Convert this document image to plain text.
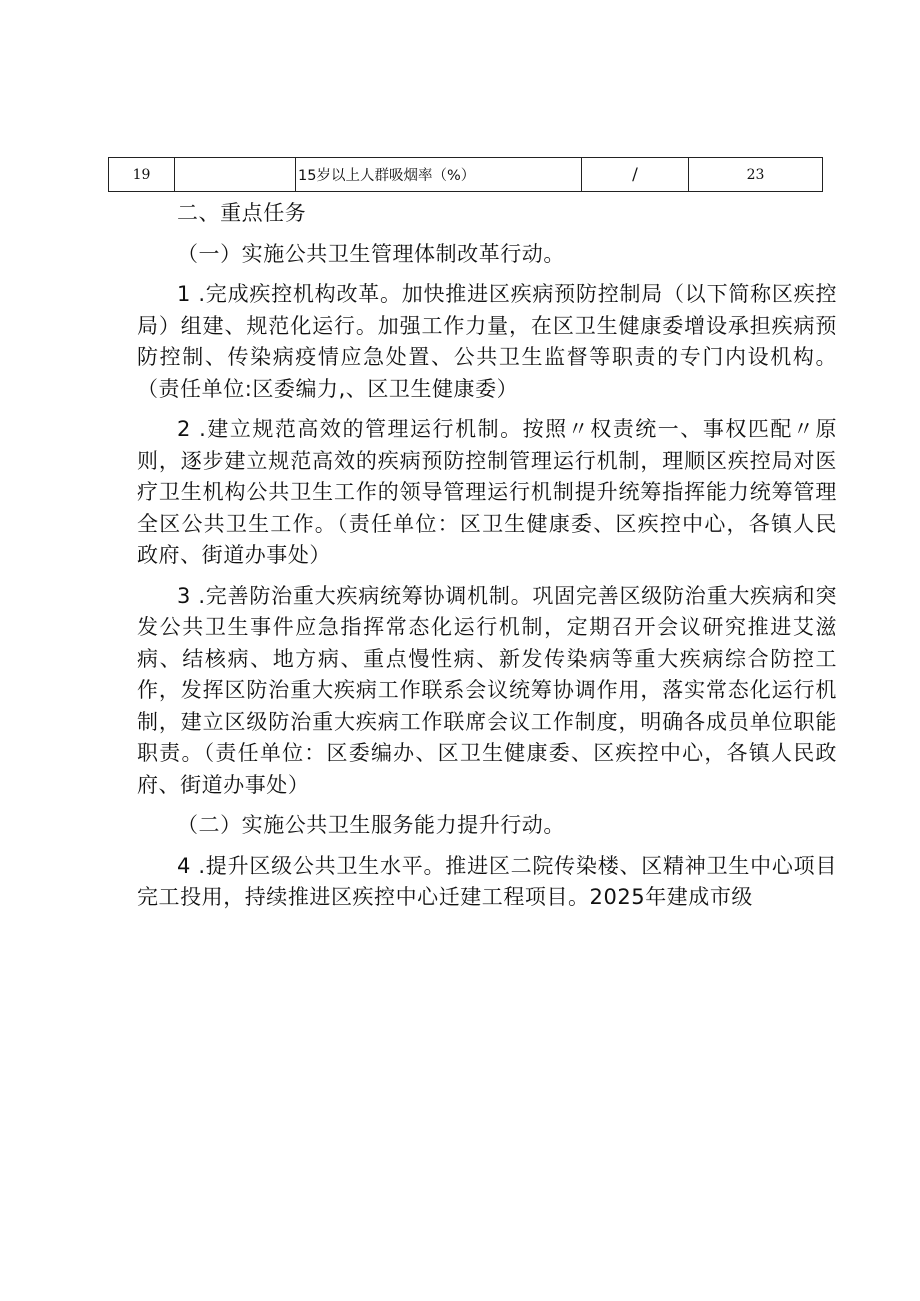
19		15岁以上人群吸烟率（%）	/	23

二、重点任务

（一）实施公共卫生管理体制改革行动。

1 .完成疾控机构改革。加快推进区疾病预防控制局（以下简称区疾控局）组建、规范化运行。加强工作力量，在区卫生健康委增设承担疾病预防控制、传染病疫情应急处置、公共卫生监督等职责的专门内设机构。（责任单位:区委编力,、区卫生健康委）

2 .建立规范高效的管理运行机制。按照〃权责统一、事权匹配〃原则，逐步建立规范高效的疾病预防控制管理运行机制，理顺区疾控局对医疗卫生机构公共卫生工作的领导管理运行机制提升统筹指挥能力统筹管理全区公共卫生工作。（责任单位：区卫生健康委、区疾控中心，各镇人民政府、街道办事处）

3 .完善防治重大疾病统筹协调机制。巩固完善区级防治重大疾病和突发公共卫生事件应急指挥常态化运行机制，定期召开会议研究推进艾滋病、结核病、地方病、重点慢性病、新发传染病等重大疾病综合防控工作，发挥区防治重大疾病工作联系会议统筹协调作用，落实常态化运行机制，建立区级防治重大疾病工作联席会议工作制度，明确各成员单位职能职责。（责任单位：区委编办、区卫生健康委、区疾控中心，各镇人民政府、街道办事处）

（二）实施公共卫生服务能力提升行动。

4 .提升区级公共卫生水平。推进区二院传染楼、区精神卫生中心项目完工投用，持续推进区疾控中心迁建工程项目。2025年建成市级
